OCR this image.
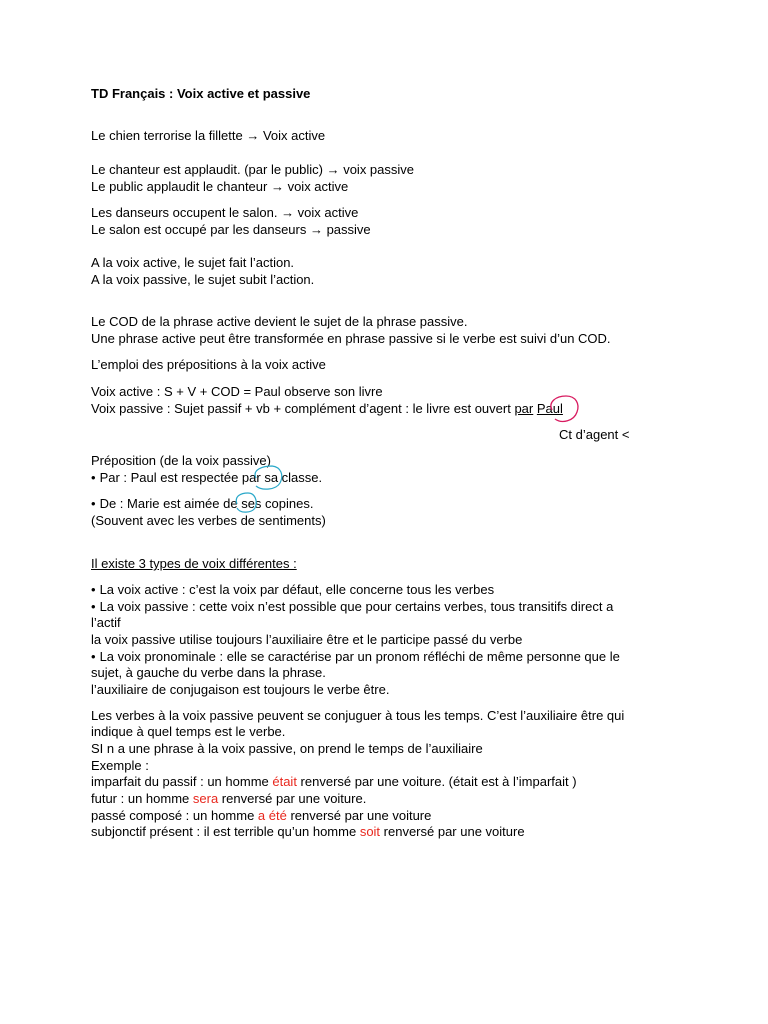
TD Français : Voix active et passive
Le chien terrorise la fillette → Voix active
Le chanteur est applaudit. (par le public) → voix passive
Le public applaudit le chanteur → voix active
Les danseurs occupent le salon. → voix active
Le salon est occupé par les danseurs → passive
A la voix active, le sujet fait l’action.
A la voix passive, le sujet subit l’action.
Le COD de la phrase active devient le sujet de la phrase passive.
Une phrase active peut être transformée en phrase passive si le verbe est suivi d’un COD.
L’emploi des prépositions à la voix active
Voix active : S + V + COD = Paul observe son livre
Voix passive : Sujet passif + vb + complément d’agent : le livre est ouvert par Paul
Ct d’agent <
Préposition (de la voix passive)
• Par : Paul est respectée par sa classe.
• De : Marie est aimée de ses copines.
(Souvent avec les verbes de sentiments)
Il existe 3 types de voix différentes :
• La voix active : c’est la voix par défaut, elle concerne tous les verbes
• La voix passive : cette voix n’est possible que pour certains verbes, tous transitifs direct a
l’actif
la voix passive utilise toujours l’auxiliaire être et le participe passé du verbe
• La voix pronominale : elle se caractérise par un pronom réfléchi de même personne que le
sujet, à gauche du verbe dans la phrase.
l’auxiliaire de conjugaison est toujours le verbe être.
Les verbes à la voix passive peuvent se conjuguer à tous les temps. C’est l’auxiliaire être qui
indique à quel temps est le verbe.
SI n a une phrase à la voix passive, on prend le temps de l’auxiliaire
Exemple :
imparfait du passif : un homme était renversé par une voiture. (était est à l’imparfait )
futur : un homme sera renversé par une voiture.
passé composé : un homme a été renversé par une voiture
subjonctif présent : il est terrible qu’un homme soit renversé par une voiture
